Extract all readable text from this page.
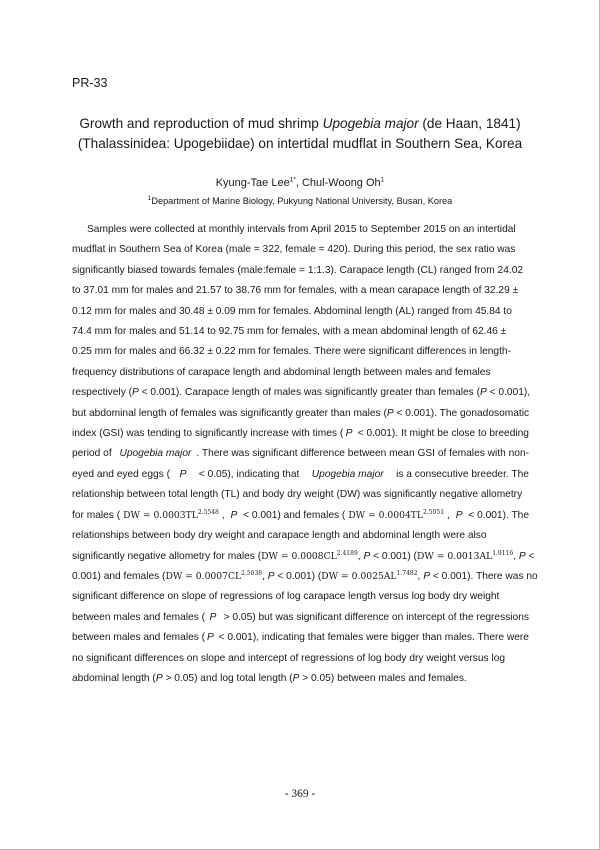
PR-33
Growth and reproduction of mud shrimp Upogebia major (de Haan, 1841)
(Thalassinidea: Upogebiidae) on intertidal mudflat in Southern Sea, Korea
Kyung-Tae Lee$^{1*}$, Chul-Woong Oh$^1$
$^1$Department of Marine Biology, Pukyung National University, Busan, Korea
Samples were collected at monthly intervals from April 2015 to September 2015 on an intertidal
mudflat in Southern Sea of Korea (male = 322, female = 420). During this period, the sex ratio was
significantly biased towards females (male:female = 1:1.3). Carapace length (CL) ranged from 24.02
to 37.01 mm for males and 21.57 to 38.76 mm for females, with a mean carapace length of 32.29 ±
0.12 mm for males and 30.48 ± 0.09 mm for females. Abdominal length (AL) ranged from 45.84 to
74.4 mm for males and 51.14 to 92.75 mm for females, with a mean abdominal length of 62.46 ±
0.25 mm for males and 66.32 ± 0.22 mm for females. There were significant differences in length-
frequency distributions of carapace length and abdominal length between males and females
respectively ( P < 0.001). Carapace length of males was significantly greater than females ( P < 0.001),
but abdominal length of females was significantly greater than males ( P < 0.001). The gonadosomatic
index (GSI) was tending to significantly increase with times ( P < 0.001). It might be close to breeding
period of Upogebia major . There was significant difference between mean GSI of females with non-
eyed and eyed eggs ( P < 0.05), indicating that Upogebia major is a consecutive breeder. The
relationship between total length (TL) and body dry weight (DW) was significantly negative allometry
for males ( DW = $0.0003TL^{2.5548}$ , P < 0.001) and females ( DW = $0.0004TL^{2.5051}$ , P < 0.001). The
relationships between body dry weight and carapace length and abdominal length were also
significantly negative allometry for males ( DW = $0.0008CL^{2.4189}$ , P < 0.001) ( DW = $0.0013AL^{1.9116}$ , P <
0.001) and females ( DW = $0.0007CL^{2.5038}$ , P < 0.001) ( DW = $0.0025AL^{1.7482}$ , P < 0.001). There was no
significant difference on slope of regressions of log carapace length versus log body dry weight
between males and females ( P > 0.05) but was significant difference on intercept of the regressions
between males and females ( P < 0.001), indicating that females were bigger than males. There were
no significant differences on slope and intercept of regressions of log body dry weight versus log
abdominal length ( P > 0.05) and log total length ( P > 0.05) between males and females.
- 369 -
